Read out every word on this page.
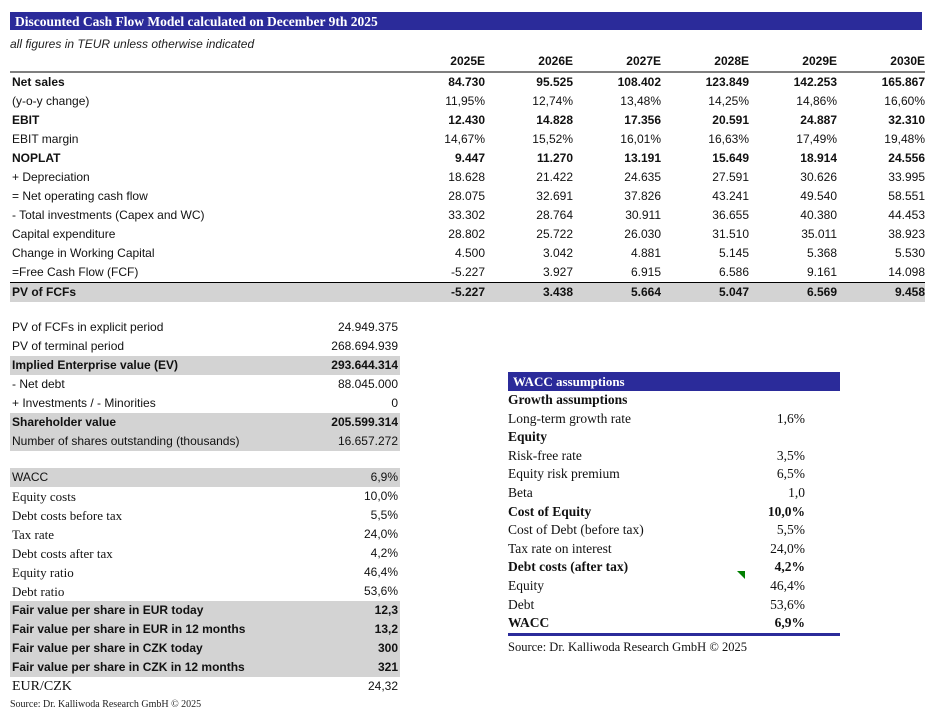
Discounted Cash Flow Model calculated on December 9th 2025
all figures in TEUR unless otherwise indicated
2025E	2026E	2027E	2028E	2029E	2030E
Net sales	84.730	95.525	108.402	123.849	142.253	165.867
(y-o-y change)	11,95%	12,74%	13,48%	14,25%	14,86%	16,60%
EBIT	12.430	14.828	17.356	20.591	24.887	32.310
EBIT margin	14,67%	15,52%	16,01%	16,63%	17,49%	19,48%
NOPLAT	9.447	11.270	13.191	15.649	18.914	24.556
+ Depreciation	18.628	21.422	24.635	27.591	30.626	33.995
= Net operating cash flow	28.075	32.691	37.826	43.241	49.540	58.551
- Total investments (Capex and WC)	33.302	28.764	30.911	36.655	40.380	44.453
Capital expenditure	28.802	25.722	26.030	31.510	35.011	38.923
Change in Working Capital	4.500	3.042	4.881	5.145	5.368	5.530
=Free Cash Flow (FCF)	-5.227	3.927	6.915	6.586	9.161	14.098
PV of FCFs	-5.227	3.438	5.664	5.047	6.569	9.458
PV of FCFs in explicit period	24.949.375
PV of terminal period	268.694.939
Implied Enterprise value (EV)	293.644.314
- Net debt	88.045.000
+ Investments / - Minorities	0
Shareholder value	205.599.314
Number of shares outstanding (thousands)	16.657.272
WACC	6,9%
Equity costs	10,0%
Debt costs before tax	5,5%
Tax rate	24,0%
Debt costs after tax	4,2%
Equity ratio	46,4%
Debt ratio	53,6%
Fair value per share in EUR today	12,3
Fair value per share in EUR in 12 months	13,2
Fair value per share in CZK today	300
Fair value per share in CZK in 12 months	321
EUR/CZK	24,32
Source: Dr. Kalliwoda Research GmbH © 2025
WACC assumptions
Growth assumptions
Long-term growth rate	1,6%
Equity
Risk-free rate	3,5%
Equity risk premium	6,5%
Beta	1,0
Cost of Equity	10,0%
Cost of Debt (before tax)	5,5%
Tax rate on interest	24,0%
Debt costs (after tax)	4,2%
Equity	46,4%
Debt	53,6%
WACC	6,9%
Source: Dr. Kalliwoda Research GmbH © 2025
